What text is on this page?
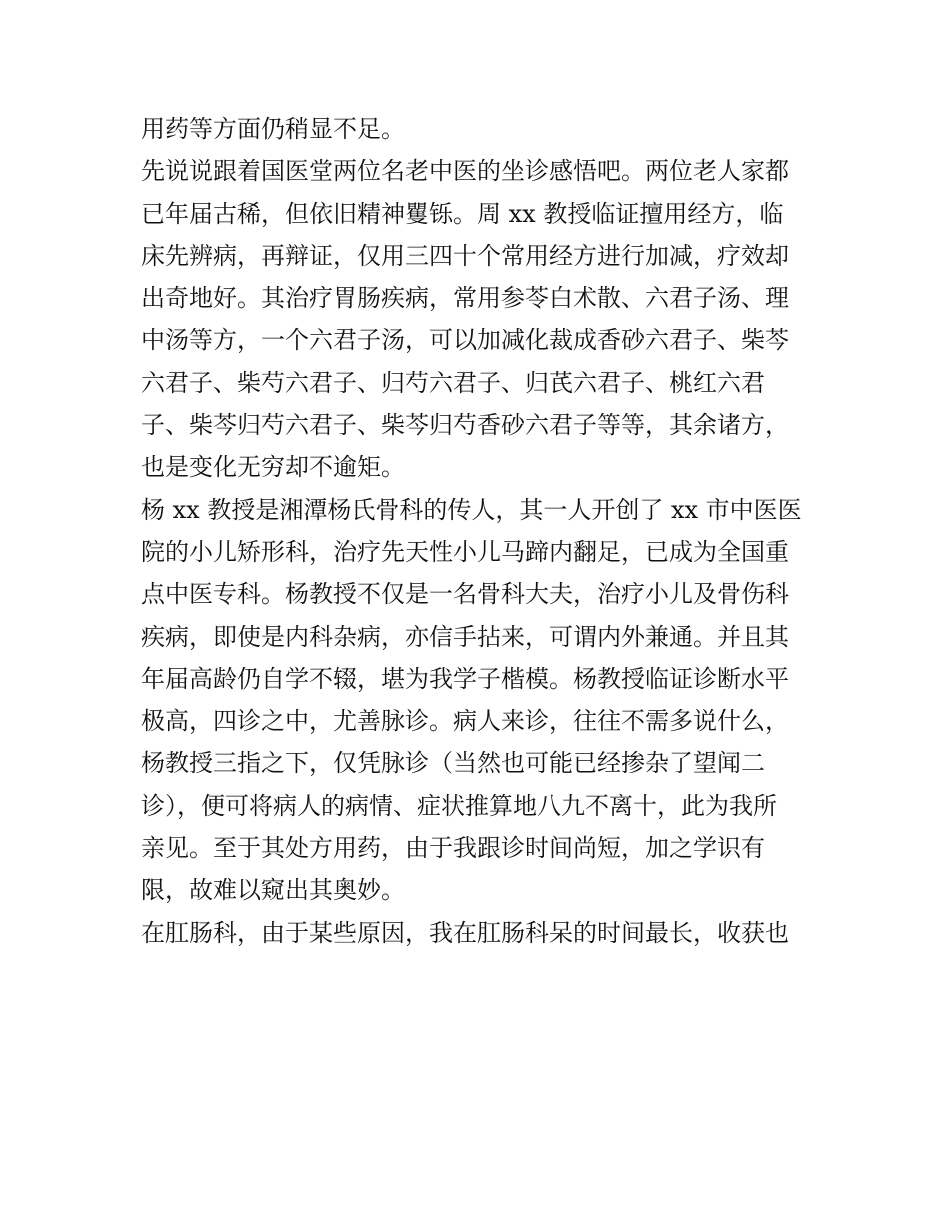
用药等方面仍稍显不足。
先说说跟着国医堂两位名老中医的坐诊感悟吧。两位老人家都
已年届古稀，但依旧精神矍铄。周 xx 教授临证擅用经方，临
床先辨病，再辩证，仅用三四十个常用经方进行加减，疗效却
出奇地好。其治疗胃肠疾病，常用参苓白术散、六君子汤、理
中汤等方，一个六君子汤，可以加减化裁成香砂六君子、柴芩
六君子、柴芍六君子、归芍六君子、归芪六君子、桃红六君
子、柴芩归芍六君子、柴芩归芍香砂六君子等等，其余诸方，
也是变化无穷却不逾矩。
杨 xx 教授是湘潭杨氏骨科的传人，其一人开创了 xx 市中医医
院的小儿矫形科，治疗先天性小儿马蹄内翻足，已成为全国重
点中医专科。杨教授不仅是一名骨科大夫，治疗小儿及骨伤科
疾病，即使是内科杂病，亦信手拈来，可谓内外兼通。并且其
年届高龄仍自学不辍，堪为我学子楷模。杨教授临证诊断水平
极高，四诊之中，尤善脉诊。病人来诊，往往不需多说什么，
杨教授三指之下，仅凭脉诊（当然也可能已经掺杂了望闻二
诊），便可将病人的病情、症状推算地八九不离十，此为我所
亲见。至于其处方用药，由于我跟诊时间尚短，加之学识有
限，故难以窥出其奥妙。
在肛肠科，由于某些原因，我在肛肠科呆的时间最长，收获也
